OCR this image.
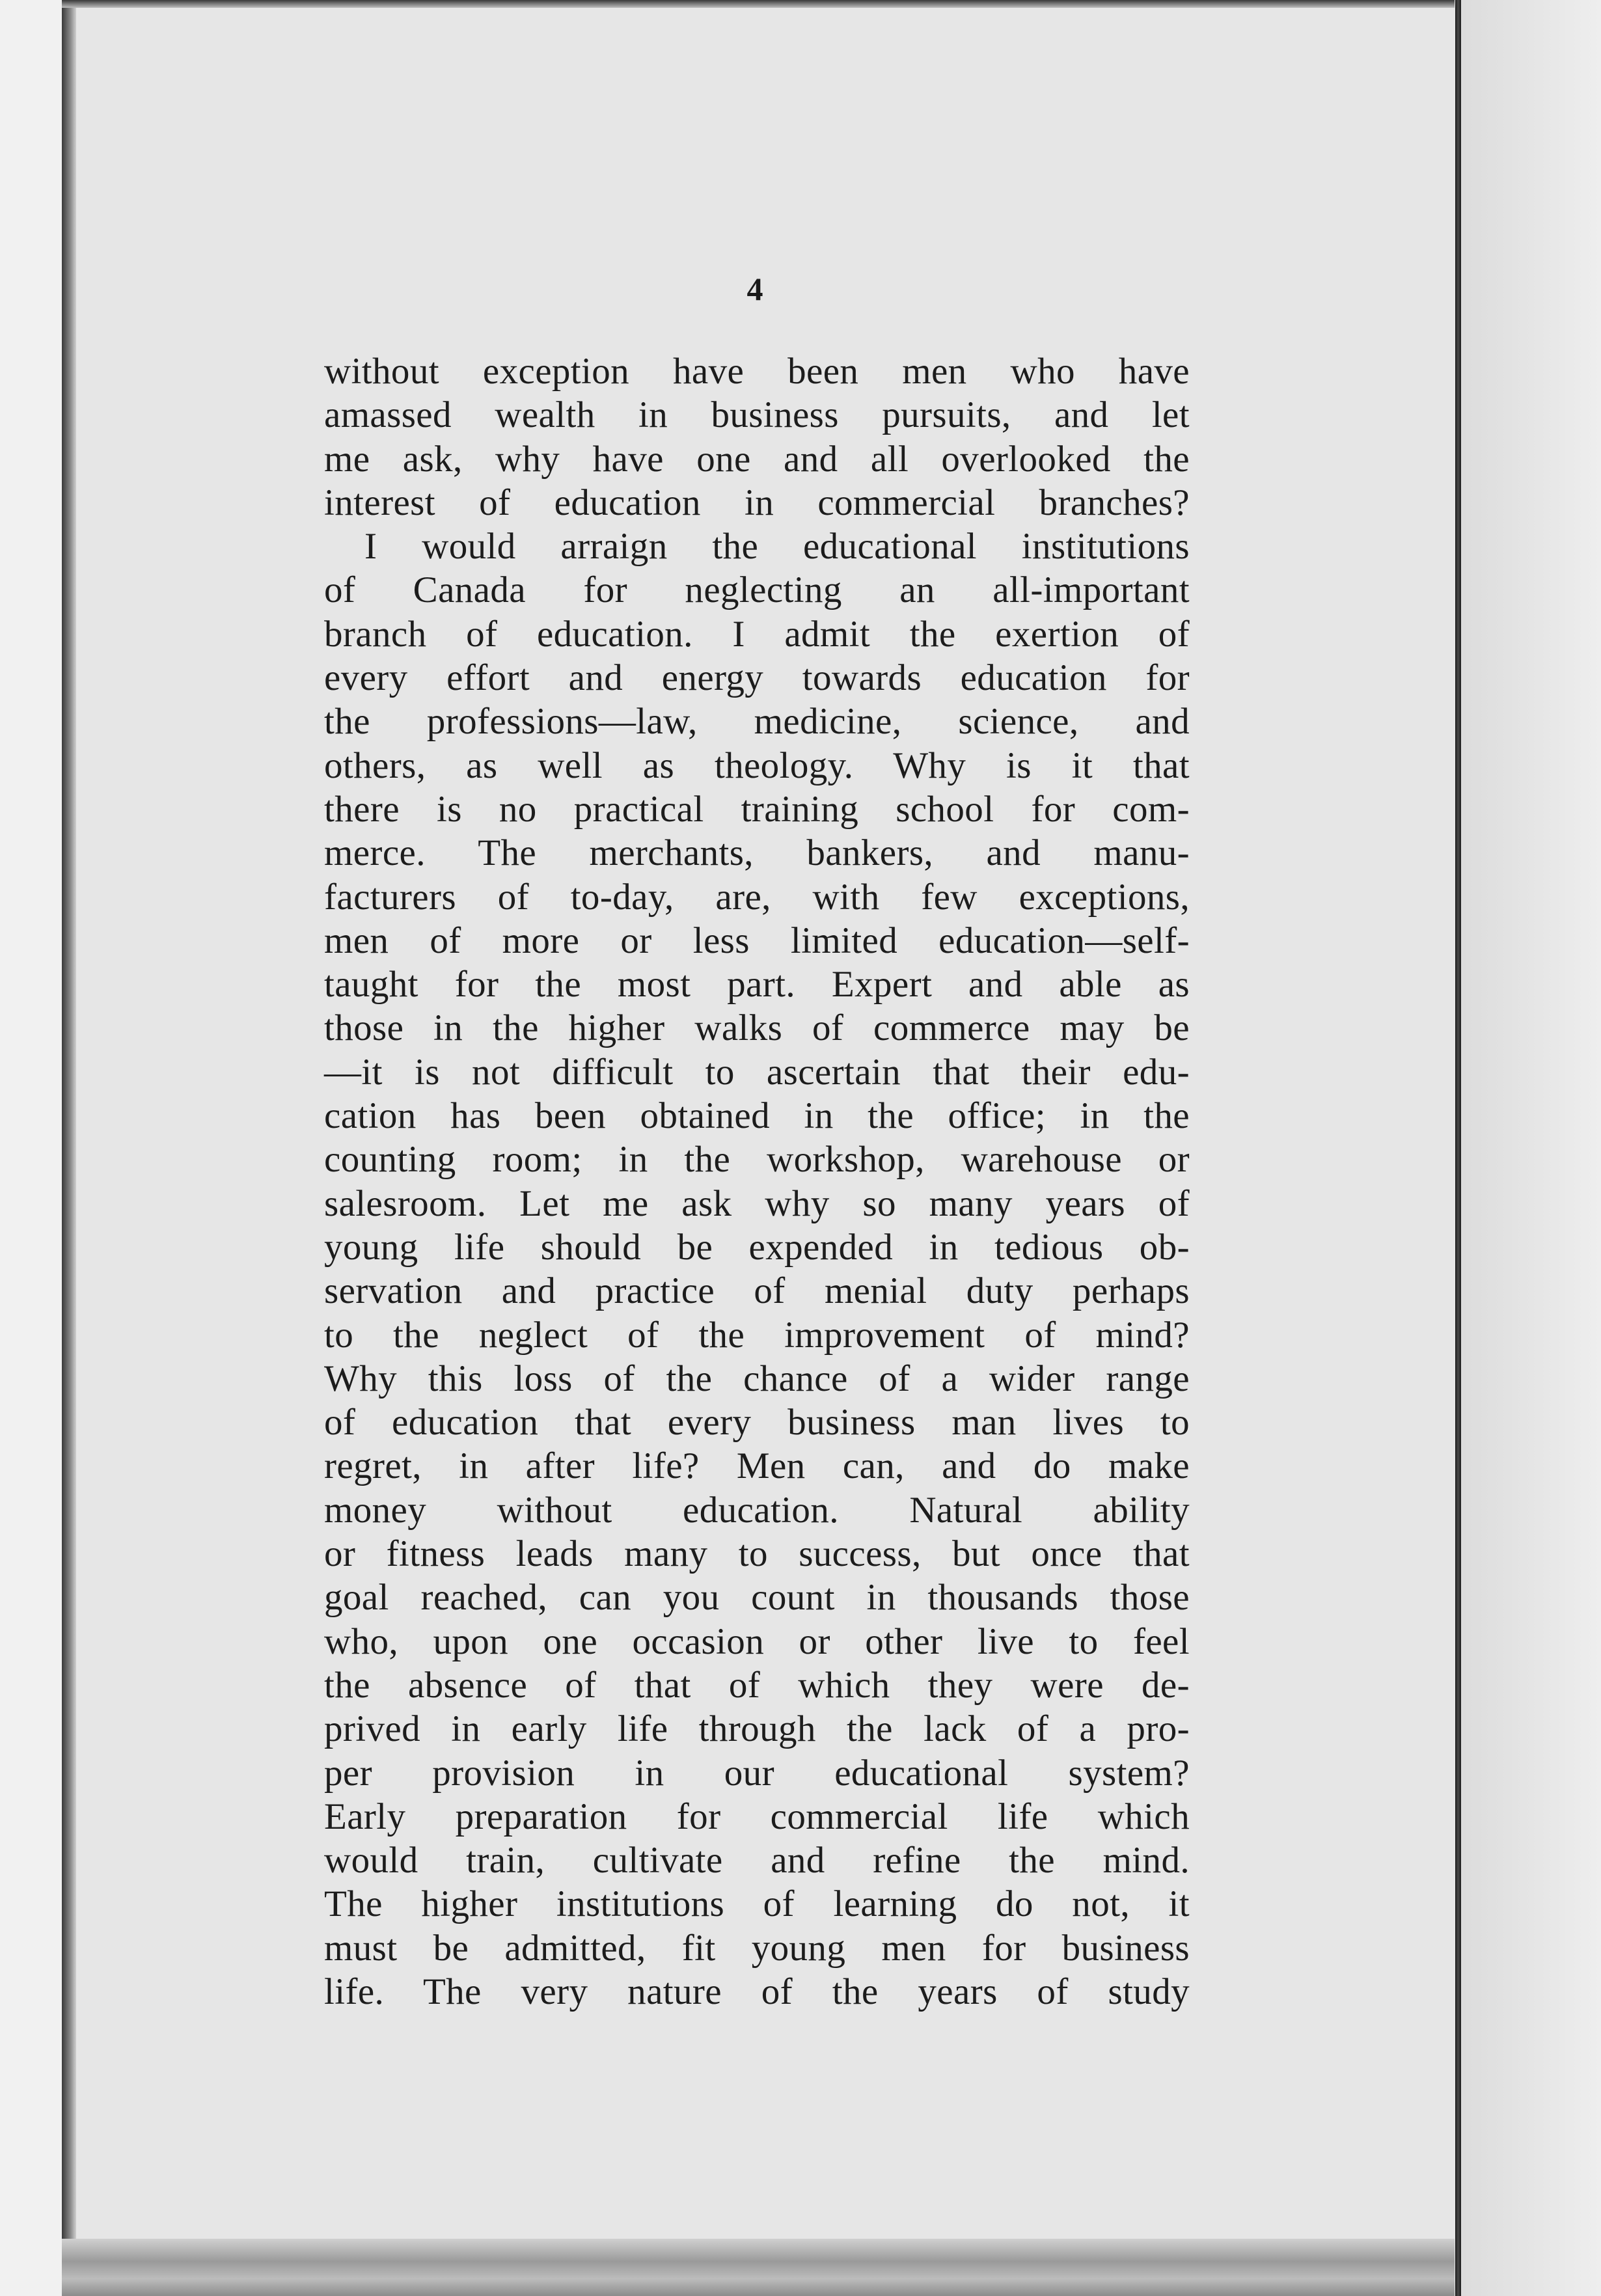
4
without exception have been men who have
amassed wealth in business pursuits, and let
me ask, why have one and all overlooked the
interest of education in commercial branches?
I would arraign the educational institutions
of Canada for neglecting an all-important
branch of education. I admit the exertion of
every effort and energy towards education for
the professions—law, medicine, science, and
others, as well as theology. Why is it that
there is no practical training school for com-
merce. The merchants, bankers, and manu-
facturers of to-day, are, with few exceptions,
men of more or less limited education—self-
taught for the most part. Expert and able as
those in the higher walks of commerce may be
—it is not difficult to ascertain that their edu-
cation has been obtained in the office; in the
counting room; in the workshop, warehouse or
salesroom. Let me ask why so many years of
young life should be expended in tedious ob-
servation and practice of menial duty perhaps
to the neglect of the improvement of mind?
Why this loss of the chance of a wider range
of education that every business man lives to
regret, in after life? Men can, and do make
money without education. Natural ability
or fitness leads many to success, but once that
goal reached, can you count in thousands those
who, upon one occasion or other live to feel
the absence of that of which they were de-
prived in early life through the lack of a pro-
per provision in our educational system?
Early preparation for commercial life which
would train, cultivate and refine the mind.
The higher institutions of learning do not, it
must be admitted, fit young men for business
life. The very nature of the years of study
